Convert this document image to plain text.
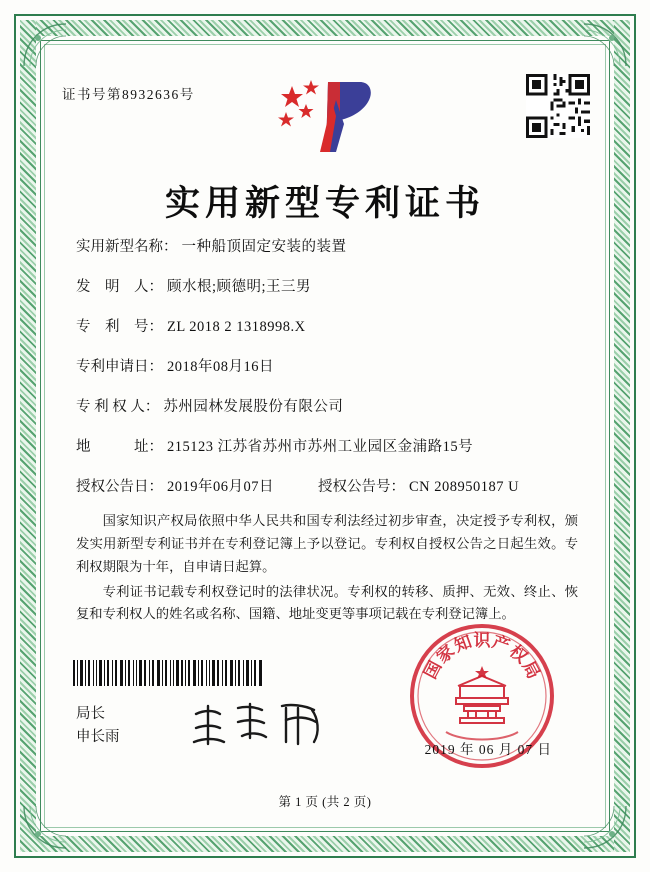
证书号第8932636号
实用新型专利证书
实用新型名称： 一种船顶固定安装的装置
发　明　人： 顾水根;顾德明;王三男
专　利　号： ZL 2018 2 1318998.X
专利申请日： 2018年08月16日
专 利 权 人： 苏州园林发展股份有限公司
地　　　址： 215123 江苏省苏州市苏州工业园区金浦路15号
授权公告日： 2019年06月07日	授权公告号： CN 208950187 U

国家知识产权局依照中华人民共和国专利法经过初步审查，决定授予专利权，颁发实用新型专利证书并在专利登记簿上予以登记。专利权自授权公告之日起生效。专利权期限为十年，自申请日起算。

专利证书记载专利权登记时的法律状况。专利权的转移、质押、无效、终止、恢复和专利权人的姓名或名称、国籍、地址变更等事项记载在专利登记簿上。

局长
申长雨
国
家
知
识
产
权
局
2019 年 06 月 07 日
第 1 页 (共 2 页)
